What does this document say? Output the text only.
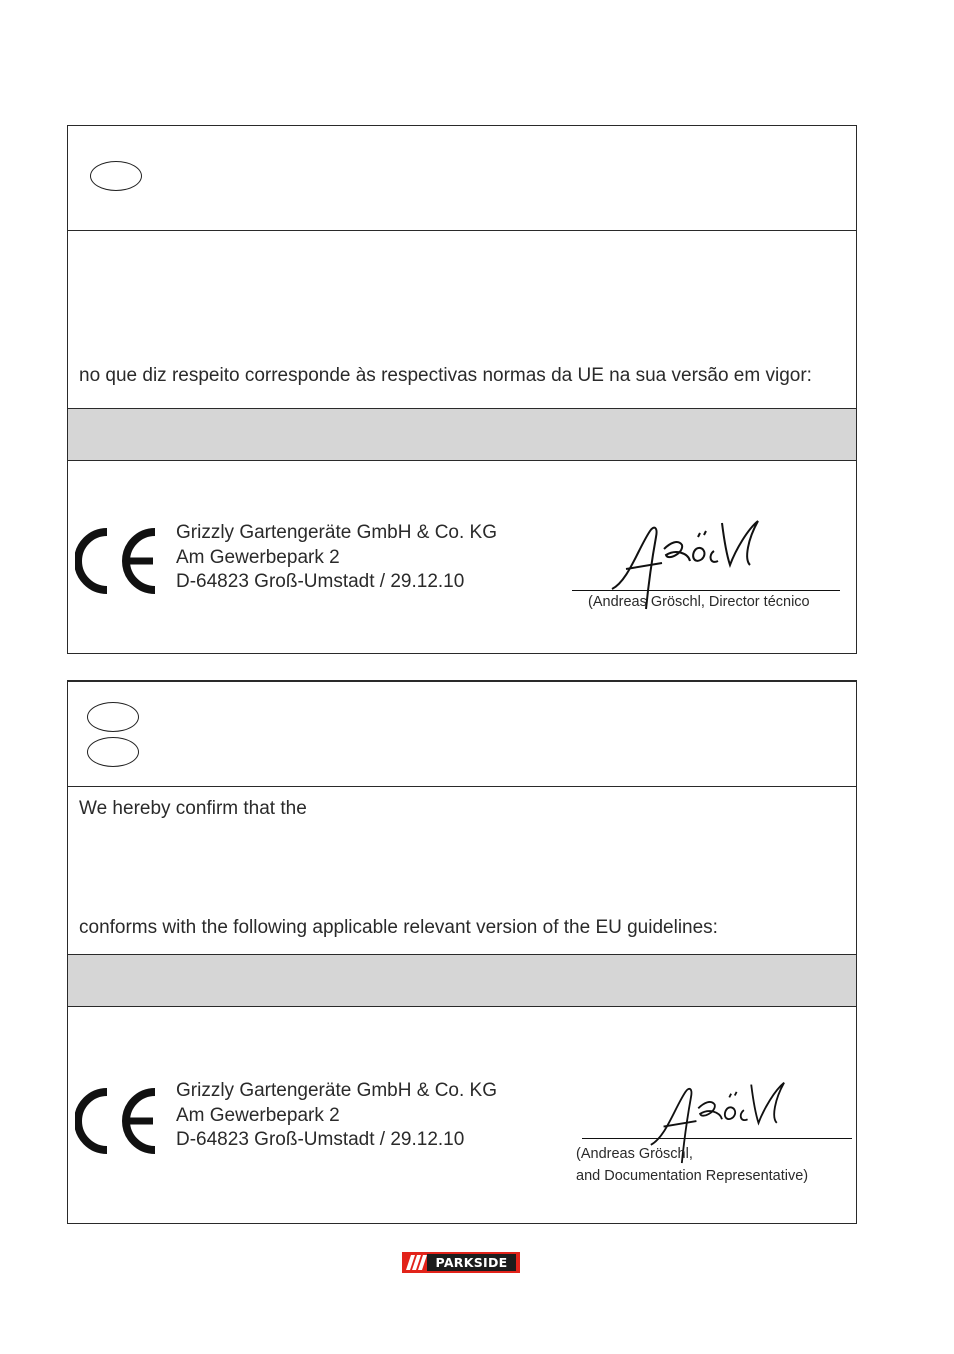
no que diz respeito corresponde às respectivas normas da UE na sua versão em vigor:
Grizzly Gartengeräte GmbH & Co. KG
Am Gewerbepark 2
D-64823 Groß-Umstadt / 29.12.10
(Andreas Gröschl, Director técnico
We hereby confirm that the
conforms with the following applicable relevant version of the EU guidelines:
Grizzly Gartengeräte GmbH & Co. KG
Am Gewerbepark 2
D-64823 Groß-Umstadt / 29.12.10
(Andreas Gröschl,
and Documentation Representative)
PARKSIDE
